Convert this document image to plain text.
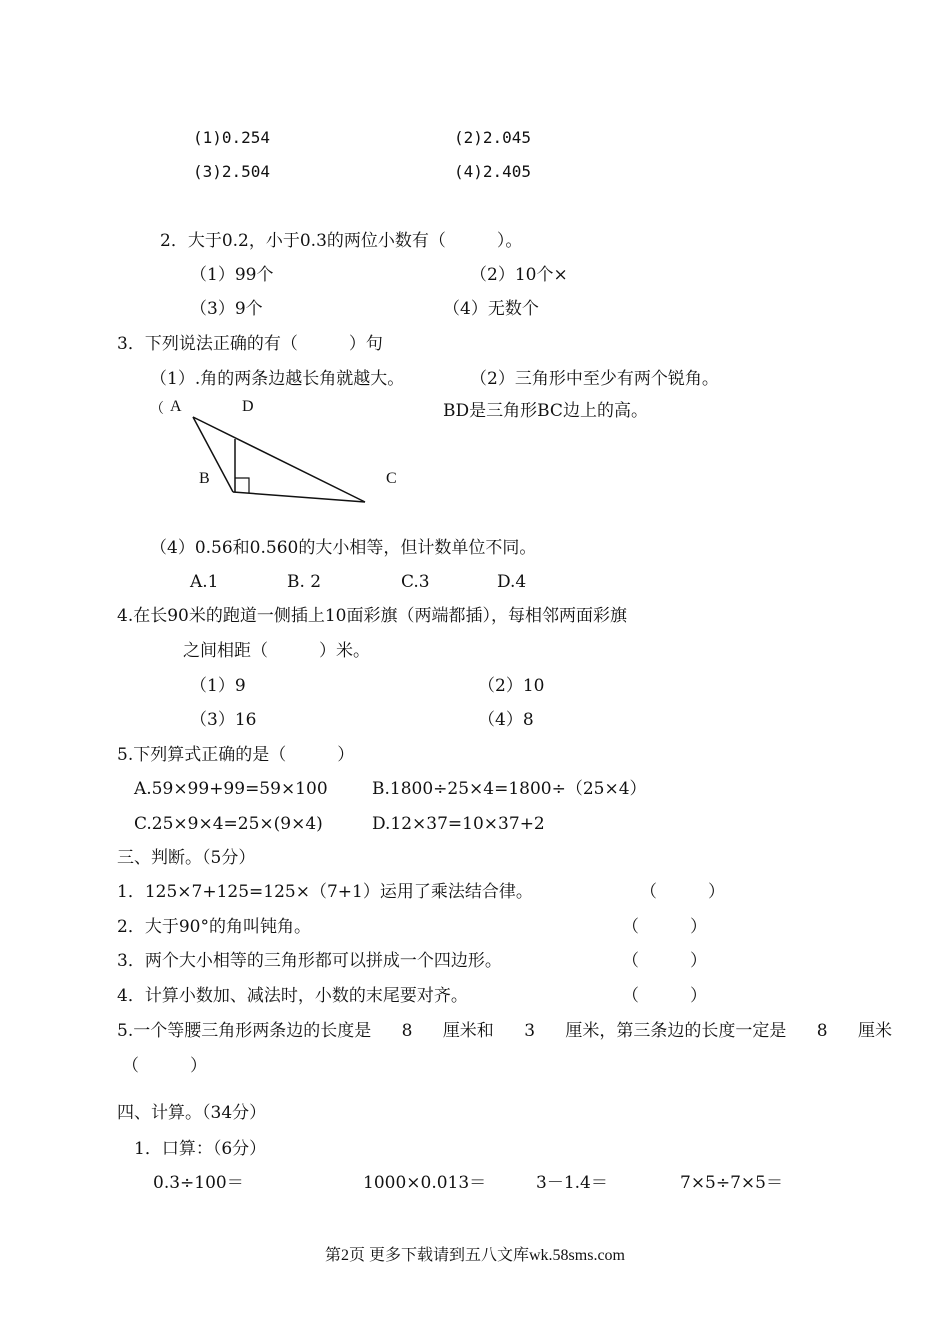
(1)0.254	(2)2.045
(3)2.504	(4)2.405
2．大于0.2，小于0.3的两位小数有（　　　）。
（1）99个	（2）10个×
（3）9个	（4）无数个
3．下列说法正确的有（　　　）句
（1）.角的两条边越长角就越大。	（2）三角形中至少有两个锐角。
（	BD是三角形BC边上的高。
A	D
B	C
（4）0.56和0.560的大小相等，但计数单位不同。
A.1	B. 2	C.3	D.4
4.在长90米的跑道一侧插上10面彩旗（两端都插），每相邻两面彩旗
之间相距（　　　）米。
（1）9	（2）10
（3）16	（4）8
5.下列算式正确的是（　　　）
A.59×99+99=59×100	B.1800÷25×4=1800÷（25×4）
C.25×9×4=25×(9×4)	D.12×37=10×37+2
三、判断。（5分）
1．125×7+125=125×（7+1）运用了乘法结合律。	（　　　）
2．大于90°的角叫钝角。	（　　　）
3．两个大小相等的三角形都可以拼成一个四边形。	（　　　）
4．计算小数加、减法时，小数的末尾要对齐。	（　　　）
5.一个等腰三角形两条边的长度是 8 厘米和 3 厘米，第三条边的长度一定是 8 厘米
（　　　）
四、计算。（34分）
1．口算：（6分）
0.3÷100＝	1000×0.013＝	3－1.4＝	7×5÷7×5＝
第2页 更多下载请到五八文库wk.58sms.com
